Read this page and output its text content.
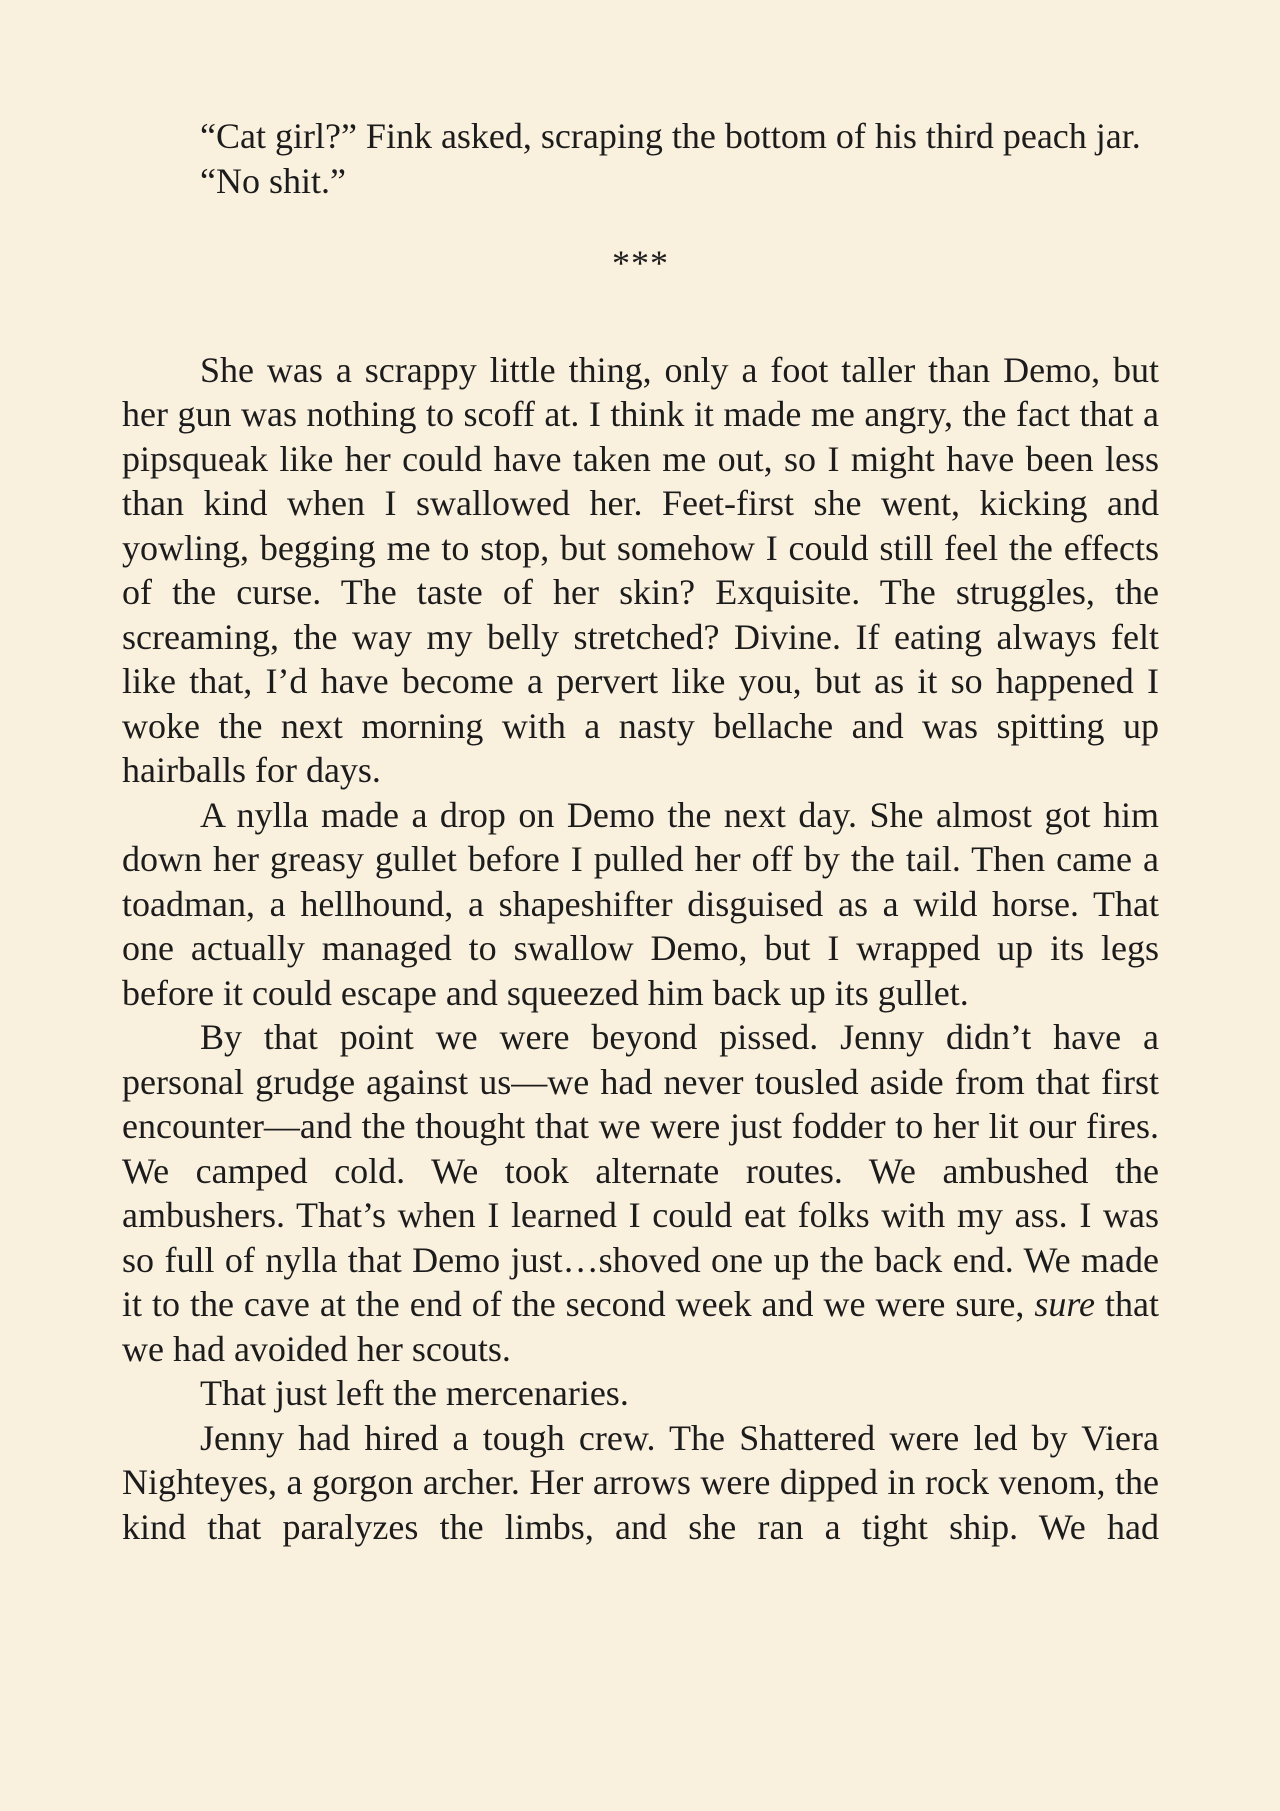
“Cat girl?” Fink asked, scraping the bottom of his third peach jar.

“No shit.”

***

She was a scrappy little thing, only a foot taller than Demo, but her gun was nothing to scoff at. I think it made me angry, the fact that a pipsqueak like her could have taken me out, so I might have been less than kind when I swallowed her. Feet-first she went, kicking and yowling, begging me to stop, but somehow I could still feel the effects of the curse. The taste of her skin? Exquisite. The struggles, the screaming, the way my belly stretched? Divine. If eating always felt like that, I’d have become a pervert like you, but as it so happened I woke the next morning with a nasty bellache and was spitting up hairballs for days.

A nylla made a drop on Demo the next day. She almost got him down her greasy gullet before I pulled her off by the tail. Then came a toadman, a hellhound, a shapeshifter disguised as a wild horse. That one actually managed to swallow Demo, but I wrapped up its legs before it could escape and squeezed him back up its gullet.

By that point we were beyond pissed. Jenny didn’t have a personal grudge against us—we had never tousled aside from that first encounter—and the thought that we were just fodder to her lit our fires. We camped cold. We took alternate routes. We ambushed the ambushers. That’s when I learned I could eat folks with my ass. I was so full of nylla that Demo just…shoved one up the back end. We made it to the cave at the end of the second week and we were sure, sure that we had avoided her scouts.

That just left the mercenaries.

Jenny had hired a tough crew. The Shattered were led by Viera Nighteyes, a gorgon archer. Her arrows were dipped in rock venom, the kind that paralyzes the limbs, and she ran a tight ship. We had
